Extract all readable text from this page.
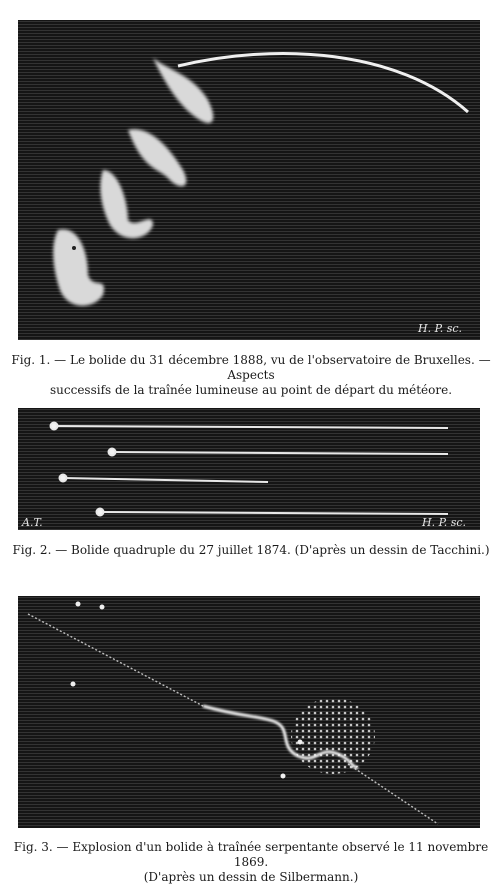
H. P. sc.
Fig. 1. — Le bolide du 31 décembre 1888, vu de l'observatoire de Bruxelles. — Aspects
successifs de la traînée lumineuse au point de départ du météore.
A.T.	H. P. sc.
Fig. 2. — Bolide quadruple du 27 juillet 1874. (D'après un dessin de Tacchini.)
Fig. 3. — Explosion d'un bolide à traînée serpentante observé le 11 novembre 1869.
(D'après un dessin de Silbermann.)
